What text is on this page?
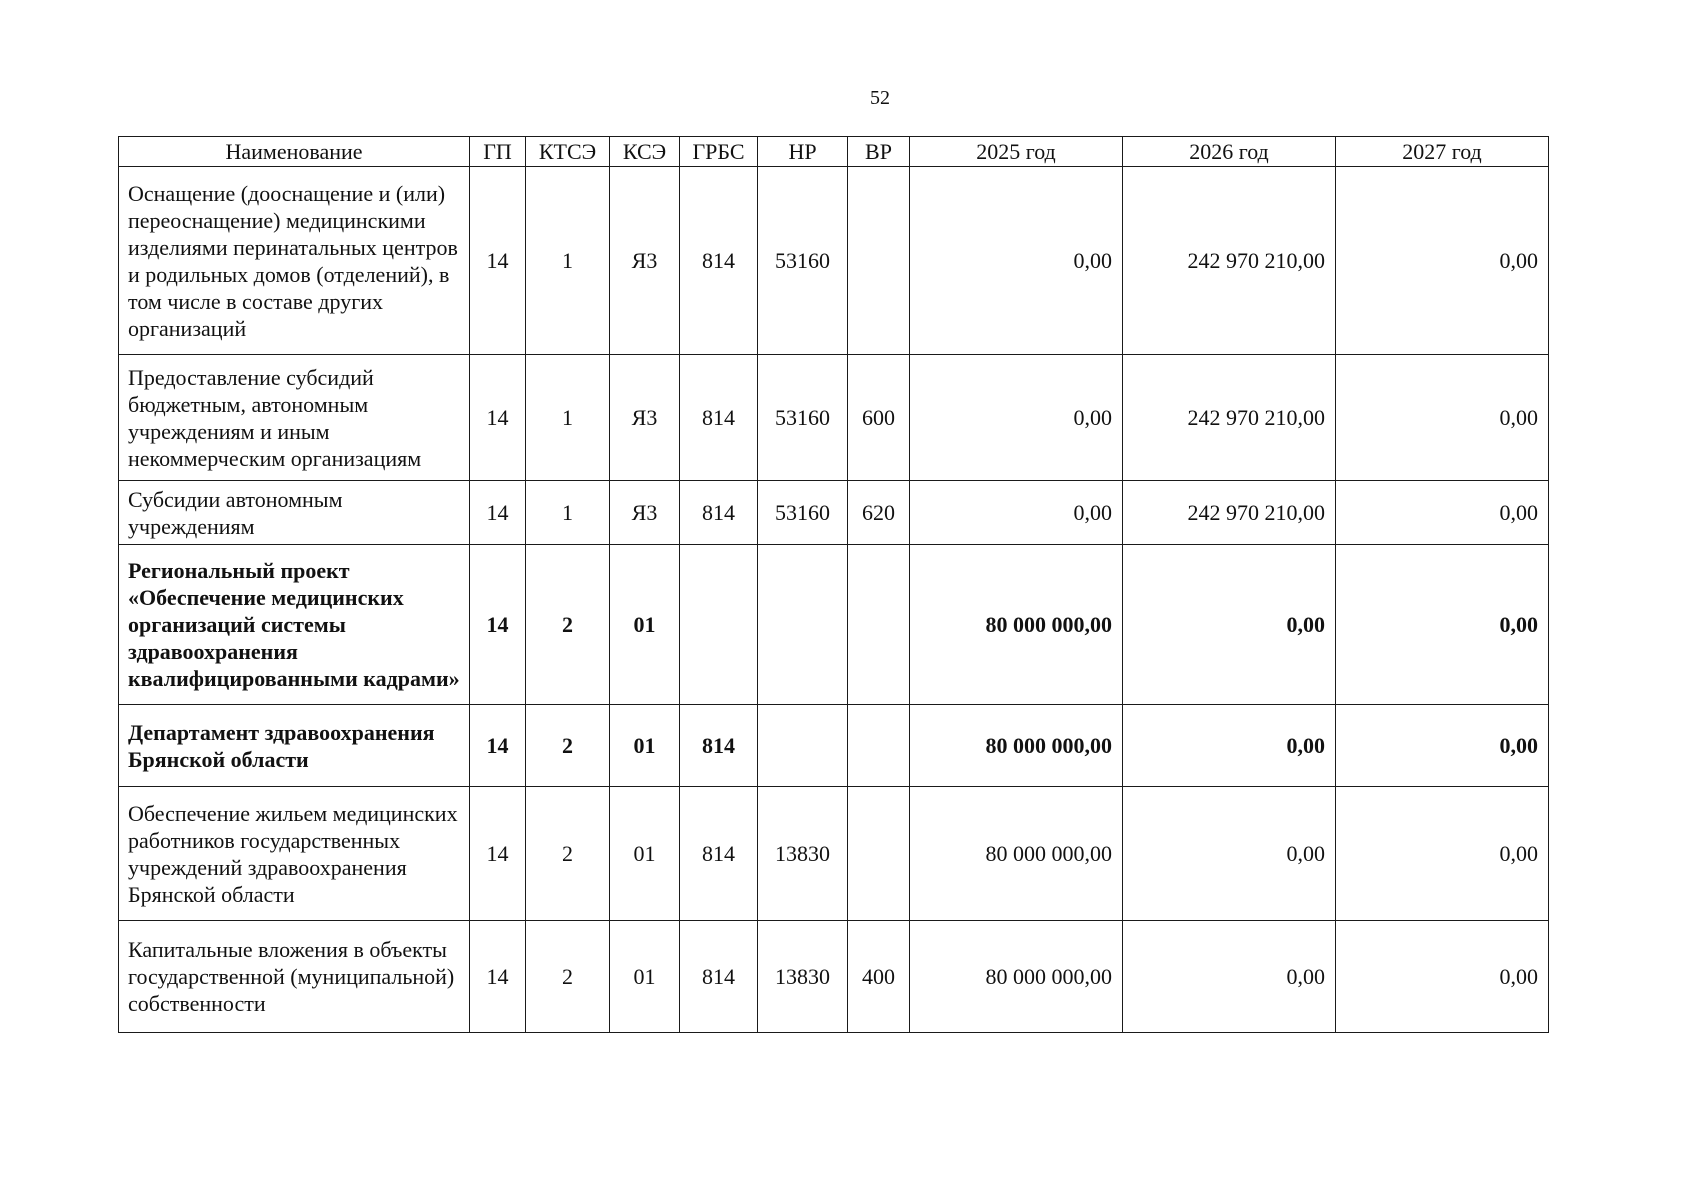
52
Наименование	ГП	КТСЭ	КСЭ	ГРБС	НР	ВР	2025 год	2026 год	2027 год
Оснащение (дооснащение и (или) переоснащение) медицинскими изделиями перинатальных центров и родильных домов (отделений), в том числе в составе других организаций	14	1	Я3	814	53160		0,00	242 970 210,00	0,00
Предоставление субсидий бюджетным, автономным учреждениям и иным некоммерческим организациям	14	1	Я3	814	53160	600	0,00	242 970 210,00	0,00
Субсидии автономным учреждениям	14	1	Я3	814	53160	620	0,00	242 970 210,00	0,00
Региональный проект «Обеспечение медицинских организаций системы здравоохранения квалифицированными кадрами»	14	2	01				80 000 000,00	0,00	0,00
Департамент здравоохранения Брянской области	14	2	01	814			80 000 000,00	0,00	0,00
Обеспечение жильем медицинских работников государственных учреждений здравоохранения Брянской области	14	2	01	814	13830		80 000 000,00	0,00	0,00
Капитальные вложения в объекты государственной (муниципальной) собственности	14	2	01	814	13830	400	80 000 000,00	0,00	0,00
